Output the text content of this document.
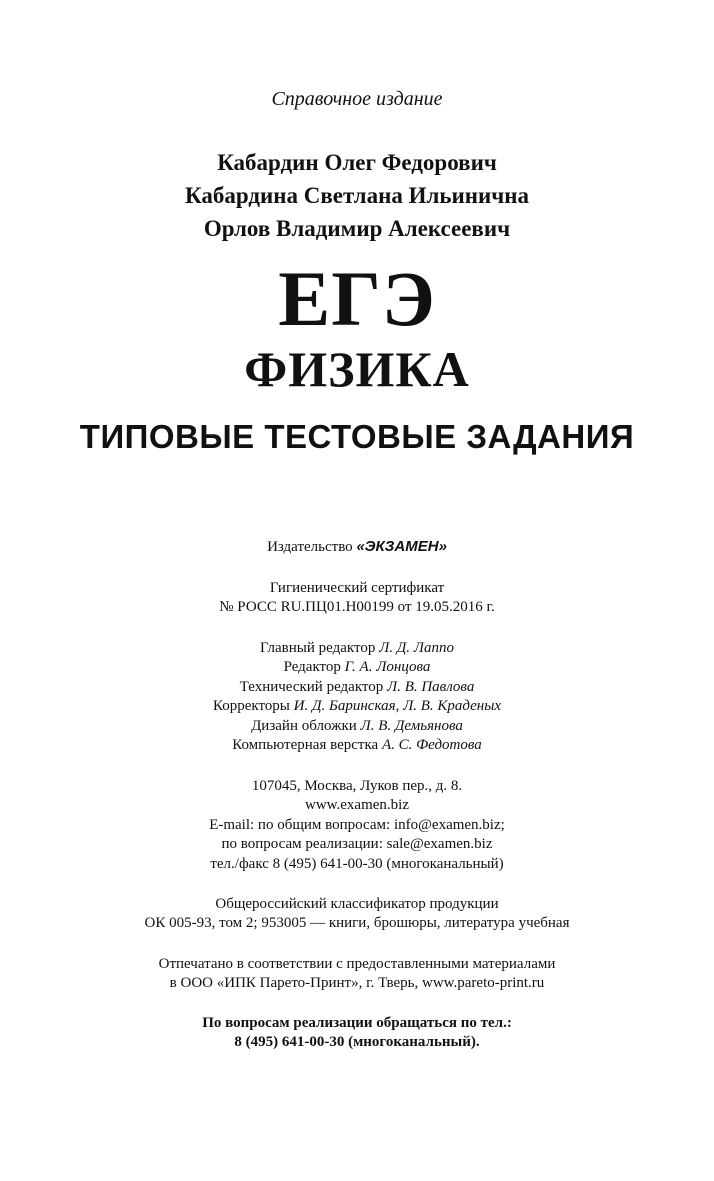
Справочное издание
Кабардин Олег Федорович
Кабардина Светлана Ильинична
Орлов Владимир Алексеевич
ЕГЭ
ФИЗИКА
ТИПОВЫЕ ТЕСТОВЫЕ ЗАДАНИЯ
Издательство «ЭКЗАМЕН»
Гигиенический сертификат
№ РОСС RU.ПЦ01.Н00199 от 19.05.2016 г.
Главный редактор Л. Д. Лаппо
Редактор Г. А. Лонцова
Технический редактор Л. В. Павлова
Корректоры И. Д. Баринская, Л. В. Краденых
Дизайн обложки Л. В. Демьянова
Компьютерная верстка А. С. Федотова
107045, Москва, Луков пер., д. 8.
www.examen.biz
E-mail: по общим вопросам: info@examen.biz;
по вопросам реализации: sale@examen.biz
тел./факс 8 (495) 641-00-30 (многоканальный)
Общероссийский классификатор продукции
ОК 005-93, том 2; 953005 — книги, брошюры, литература учебная
Отпечатано в соответствии с предоставленными материалами
в ООО «ИПК Парето-Принт», г. Тверь, www.pareto-print.ru
По вопросам реализации обращаться по тел.:
8 (495) 641-00-30 (многоканальный).
